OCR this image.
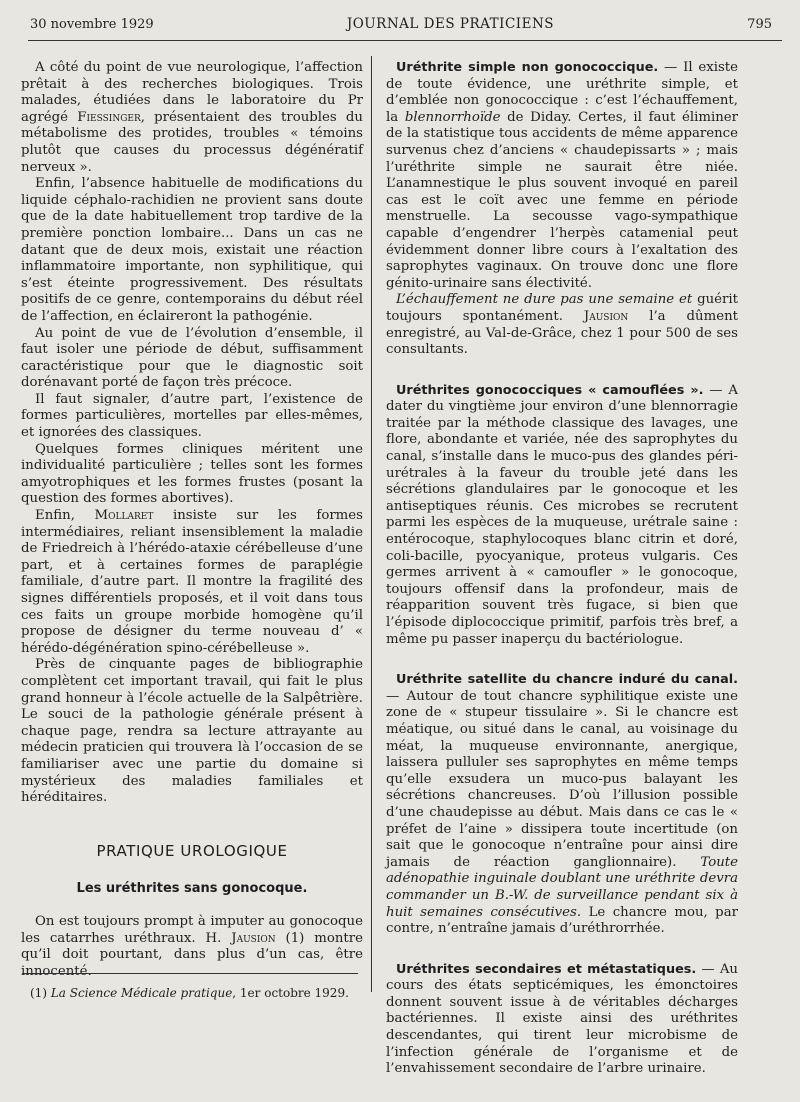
30 novembre 1929	JOURNAL DES PRATICIENS	795

A côté du point de vue neurologique, l’affection prêtait à des recherches biologiques. Trois malades, étudiées dans le laboratoire du Pr agrégé Fiessinger, présentaient des troubles du métabolisme des protides, troubles « témoins plutôt que causes du processus dégénératif nerveux ».

Enfin, l’absence habituelle de modifications du liquide céphalo-rachidien ne provient sans doute que de la date habituellement trop tardive de la première ponction lombaire... Dans un cas ne datant que de deux mois, existait une réaction inflammatoire importante, non syphilitique, qui s’est éteinte progressivement. Des résultats positifs de ce genre, contemporains du début réel de l’affection, en éclaireront la pathogénie.

Au point de vue de l’évolution d’ensemble, il faut isoler une période de début, suffisamment caractéristique pour que le diagnostic soit dorénavant porté de façon très précoce.

Il faut signaler, d’autre part, l’existence de formes particulières, mortelles par elles-mêmes, et ignorées des classiques.

Quelques formes cliniques méritent une individualité particulière ; telles sont les formes amyotrophiques et les formes frustes (posant la question des formes abortives).

Enfin, Mollaret insiste sur les formes intermédiaires, reliant insensiblement la maladie de Friedreich à l’hérédo-ataxie cérébelleuse d’une part, et à certaines formes de paraplégie familiale, d’autre part. Il montre la fragilité des signes différentiels proposés, et il voit dans tous ces faits un groupe morbide homogène qu’il propose de désigner du terme nouveau d’ « hérédo-dégénération spino-cérébelleuse ».

Près de cinquante pages de bibliographie complètent cet important travail, qui fait le plus grand honneur à l’école actuelle de la Salpêtrière. Le souci de la pathologie générale présent à chaque page, rendra sa lecture attrayante au médecin praticien qui trouvera là l’occasion de se familiariser avec une partie du domaine si mystérieux des maladies familiales et héréditaires.

PRATIQUE UROLOGIQUE
Les uréthrites sans gonocoque.

On est toujours prompt à imputer au gonocoque les catarrhes uréthraux. H. Jausion (1) montre qu’il doit pourtant, dans plus d’un cas, être innocenté.

(1) La Science Médicale pratique, 1er octobre 1929.

Uréthrite simple non gonococcique. — Il existe de toute évidence, une uréthrite simple, et d’emblée non gonococcique : c’est l’échauffement, la blennorrhoïde de Diday. Certes, il faut éliminer de la statistique tous accidents de même apparence survenus chez d’anciens « chaudepissarts » ; mais l’uréthrite simple ne saurait être niée. L’anamnestique le plus souvent invoqué en pareil cas est le coït avec une femme en période menstruelle. La secousse vago-sympathique capable d’engendrer l’herpès catamenial peut évidemment donner libre cours à l’exaltation des saprophytes vaginaux. On trouve donc une flore génito-urinaire sans électivité.

L’échauffement ne dure pas une semaine et guérit toujours spontanément. Jausion l’a dûment enregistré, au Val-de-Grâce, chez 1 pour 500 de ses consultants.

Uréthrites gonococciques « camouflées ». — A dater du vingtième jour environ d’une blennorragie traitée par la méthode classique des lavages, une flore, abondante et variée, née des saprophytes du canal, s’installe dans le muco-pus des glandes péri-urétrales à la faveur du trouble jeté dans les sécrétions glandulaires par le gonocoque et les antiseptiques réunis. Ces microbes se recrutent parmi les espèces de la muqueuse, urétrale saine : entérocoque, staphylocoques blanc citrin et doré, coli-bacille, pyocyanique, proteus vulgaris. Ces germes arrivent à « camoufler » le gonocoque, toujours offensif dans la profondeur, mais de réapparition souvent très fugace, si bien que l’épisode diplococcique primitif, parfois très bref, a même pu passer inaperçu du bactériologue.

Uréthrite satellite du chancre induré du canal. — Autour de tout chancre syphilitique existe une zone de « stupeur tissulaire ». Si le chancre est méatique, ou situé dans le canal, au voisinage du méat, la muqueuse environnante, anergique, laissera pulluler ses saprophytes en même temps qu’elle exsudera un muco-pus balayant les sécrétions chancreuses. D’où l’illusion possible d’une chaudepisse au début. Mais dans ce cas le « préfet de l’aine » dissipera toute incertitude (on sait que le gonocoque n’entraîne pour ainsi dire jamais de réaction ganglionnaire). Toute adénopathie inguinale doublant une uréthrite devra commander un B.-W. de surveillance pendant six à huit semaines consécutives. Le chancre mou, par contre, n’entraîne jamais d’uréthrorrhée.

Uréthrites secondaires et métastatiques. — Au cours des états septicémiques, les émonctoires donnent souvent issue à de véritables décharges bactériennes. Il existe ainsi des uréthrites descendantes, qui tirent leur microbisme de l’infection générale de l’organisme et de l’envahissement secondaire de l’arbre urinaire.
